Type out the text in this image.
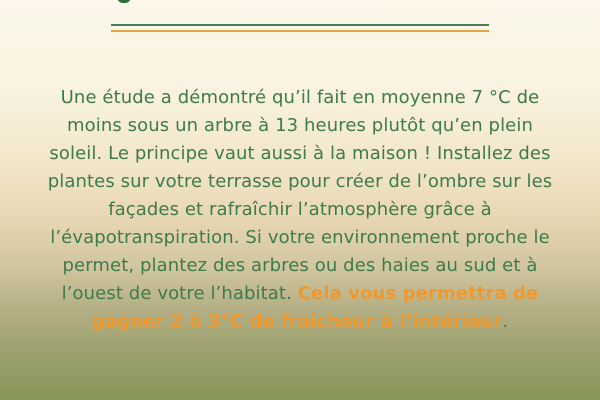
Une étude a démontré qu’il fait en moyenne 7 °C de
moins sous un arbre à 13 heures plutôt qu’en plein
soleil. Le principe vaut aussi à la maison ! Installez des
plantes sur votre terrasse pour créer de l’ombre sur les
façades et rafraîchir l’atmosphère grâce à
l’évapotranspiration. Si votre environnement proche le
permet, plantez des arbres ou des haies au sud et à
l’ouest de votre l’habitat. Cela vous permettra de
gagner 2 à 3°C de fraîcheur à l’intérieur.
